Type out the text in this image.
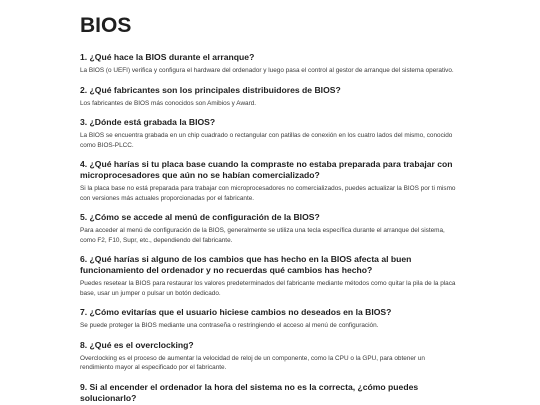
BIOS
1. ¿Qué hace la BIOS durante el arranque?

La BIOS (o UEFI) verifica y configura el hardware del ordenador y luego pasa el control al gestor de arranque del sistema operativo.

2. ¿Qué fabricantes son los principales distribuidores de BIOS?

Los fabricantes de BIOS más conocidos son Amibios y Award.

3. ¿Dónde está grabada la BIOS?

La BIOS se encuentra grabada en un chip cuadrado o rectangular con patillas de conexión en los cuatro lados del mismo, conocido como BIOS-PLCC.

4. ¿Qué harías si tu placa base cuando la compraste no estaba preparada para trabajar con microprocesadores que aún no se habían comercializado?

Si la placa base no está preparada para trabajar con microprocesadores no comercializados, puedes actualizar la BIOS por ti mismo con versiones más actuales proporcionadas por el fabricante.

5. ¿Cómo se accede al menú de configuración de la BIOS?

Para acceder al menú de configuración de la BIOS, generalmente se utiliza una tecla específica durante el arranque del sistema, como F2, F10, Supr, etc., dependiendo del fabricante.

6. ¿Qué harías si alguno de los cambios que has hecho en la BIOS afecta al buen funcionamiento del ordenador y no recuerdas qué cambios has hecho?

Puedes resetear la BIOS para restaurar los valores predeterminados del fabricante mediante métodos como quitar la pila de la placa base, usar un jumper o pulsar un botón dedicado.

7. ¿Cómo evitarías que el usuario hiciese cambios no deseados en la BIOS?

Se puede proteger la BIOS mediante una contraseña o restringiendo el acceso al menú de configuración.

8. ¿Qué es el overclocking?

Overclocking es el proceso de aumentar la velocidad de reloj de un componente, como la CPU o la GPU, para obtener un rendimiento mayor al especificado por el fabricante.

9. Si al encender el ordenador la hora del sistema no es la correcta, ¿cómo puedes solucionarlo?
